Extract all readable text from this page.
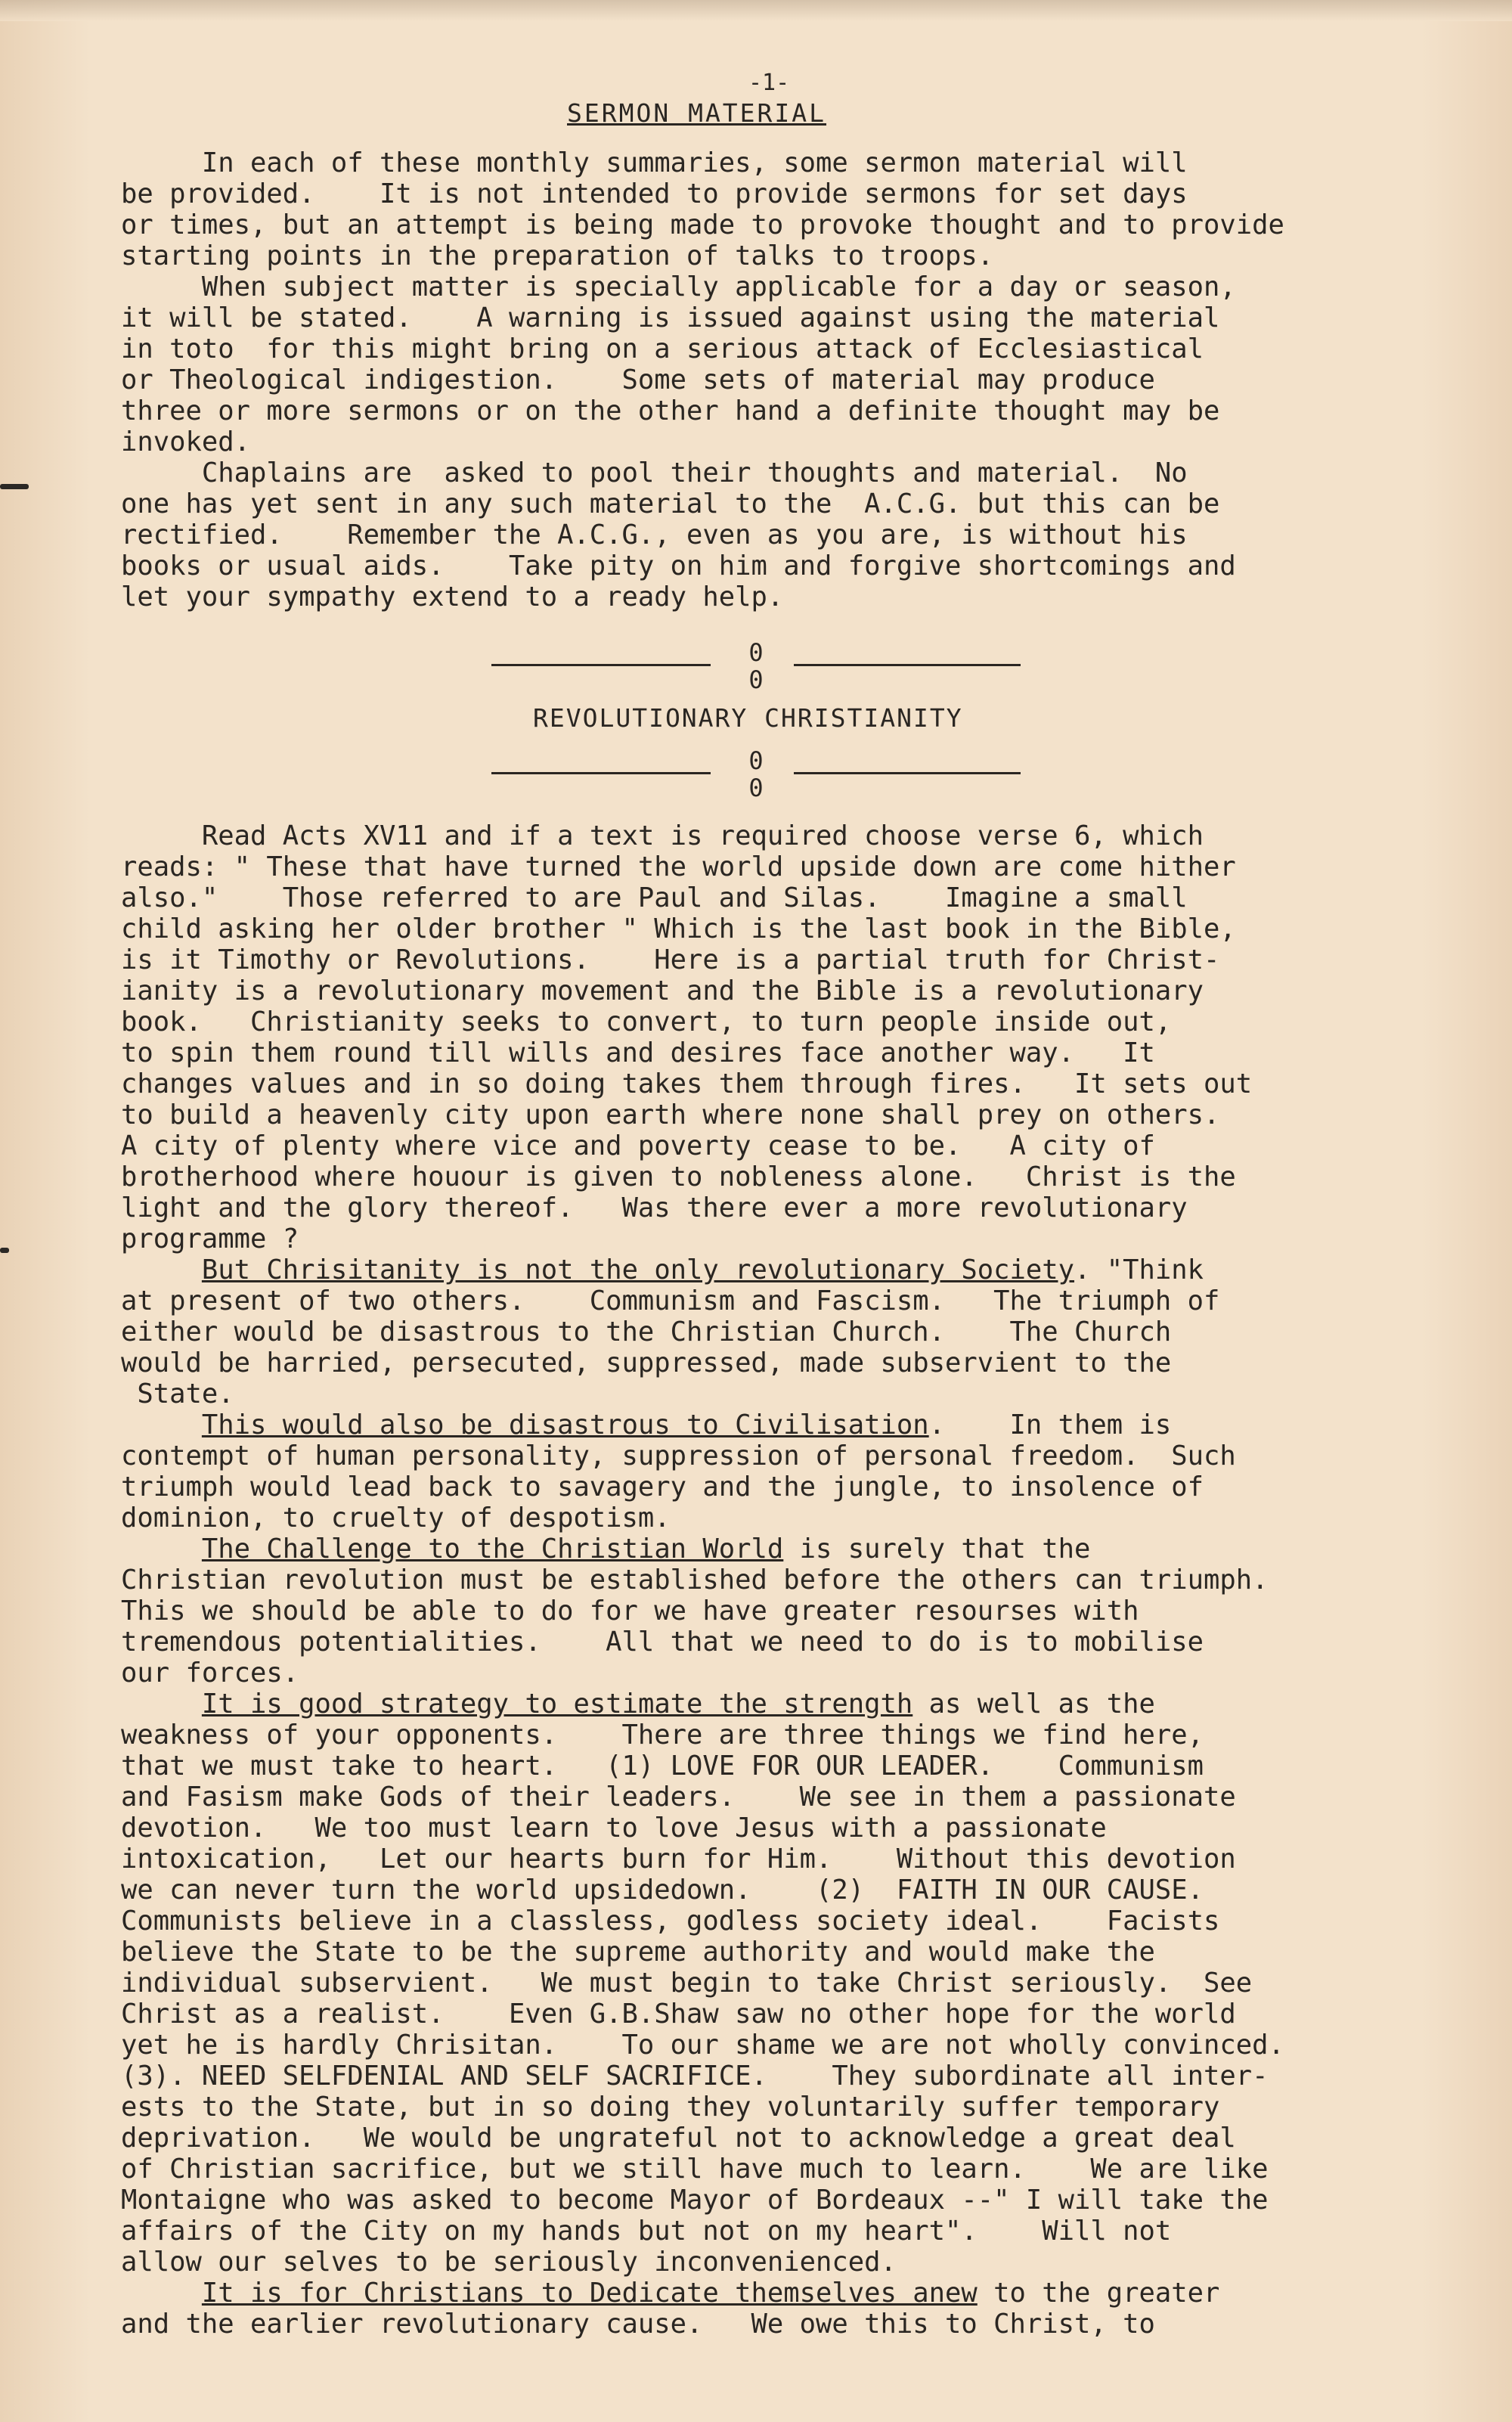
-1-
SERMON MATERIAL
In each of these monthly summaries, some sermon material will
be provided.    It is not intended to provide sermons for set days
or times, but an attempt is being made to provoke thought and to provide
starting points in the preparation of talks to troops.
When subject matter is specially applicable for a day or season,
it will be stated.    A warning is issued against using the material
in toto  for this might bring on a serious attack of Ecclesiastical
or Theological indigestion.    Some sets of material may produce
three or more sermons or on the other hand a definite thought may be
invoked.
Chaplains are  asked to pool their thoughts and material.  No
one has yet sent in any such material to the  A.C.G. but this can be
rectified.    Remember the A.C.G., even as you are, is without his
books or usual aids.    Take pity on him and forgive shortcomings and
let your sympathy extend to a ready help.
0
0
REVOLUTIONARY CHRISTIANITY
0
0
Read Acts XV11 and if a text is required choose verse 6, which
reads: " These that have turned the world upside down are come hither
also."    Those referred to are Paul and Silas.    Imagine a small
child asking her older brother " Which is the last book in the Bible,
is it Timothy or Revolutions.    Here is a partial truth for Christ-
ianity is a revolutionary movement and the Bible is a revolutionary
book.   Christianity seeks to convert, to turn people inside out,
to spin them round till wills and desires face another way.   It
changes values and in so doing takes them through fires.   It sets out
to build a heavenly city upon earth where none shall prey on others.
A city of plenty where vice and poverty cease to be.   A city of
brotherhood where houour is given to nobleness alone.   Christ is the
light and the glory thereof.   Was there ever a more revolutionary
programme ?
But Chrisitanity is not the only revolutionary Society. "Think
at present of two others.    Communism and Fascism.   The triumph of
either would be disastrous to the Christian Church.    The Church
would be harried, persecuted, suppressed, made subservient to the
State.
This would also be disastrous to Civilisation.    In them is
contempt of human personality, suppression of personal freedom.  Such
triumph would lead back to savagery and the jungle, to insolence of
dominion, to cruelty of despotism.
The Challenge to the Christian World is surely that the
Christian revolution must be established before the others can triumph.
This we should be able to do for we have greater resourses with
tremendous potentialities.    All that we need to do is to mobilise
our forces.
It is good strategy to estimate the strength as well as the
weakness of your opponents.    There are three things we find here,
that we must take to heart.   (1) LOVE FOR OUR LEADER.    Communism
and Fasism make Gods of their leaders.    We see in them a passionate
devotion.   We too must learn to love Jesus with a passionate
intoxication,   Let our hearts burn for Him.    Without this devotion
we can never turn the world upsidedown.    (2)  FAITH IN OUR CAUSE.
Communists believe in a classless, godless society ideal.    Facists
believe the State to be the supreme authority and would make the
individual subservient.   We must begin to take Christ seriously.  See
Christ as a realist.    Even G.B.Shaw saw no other hope for the world
yet he is hardly Chrisitan.    To our shame we are not wholly convinced.
(3). NEED SELFDENIAL AND SELF SACRIFICE.    They subordinate all inter-
ests to the State, but in so doing they voluntarily suffer temporary
deprivation.   We would be ungrateful not to acknowledge a great deal
of Christian sacrifice, but we still have much to learn.    We are like
Montaigne who was asked to become Mayor of Bordeaux --" I will take the
affairs of the City on my hands but not on my heart".    Will not
allow our selves to be seriously inconvenienced.
It is for Christians to Dedicate themselves anew to the greater
and the earlier revolutionary cause.   We owe this to Christ, to
